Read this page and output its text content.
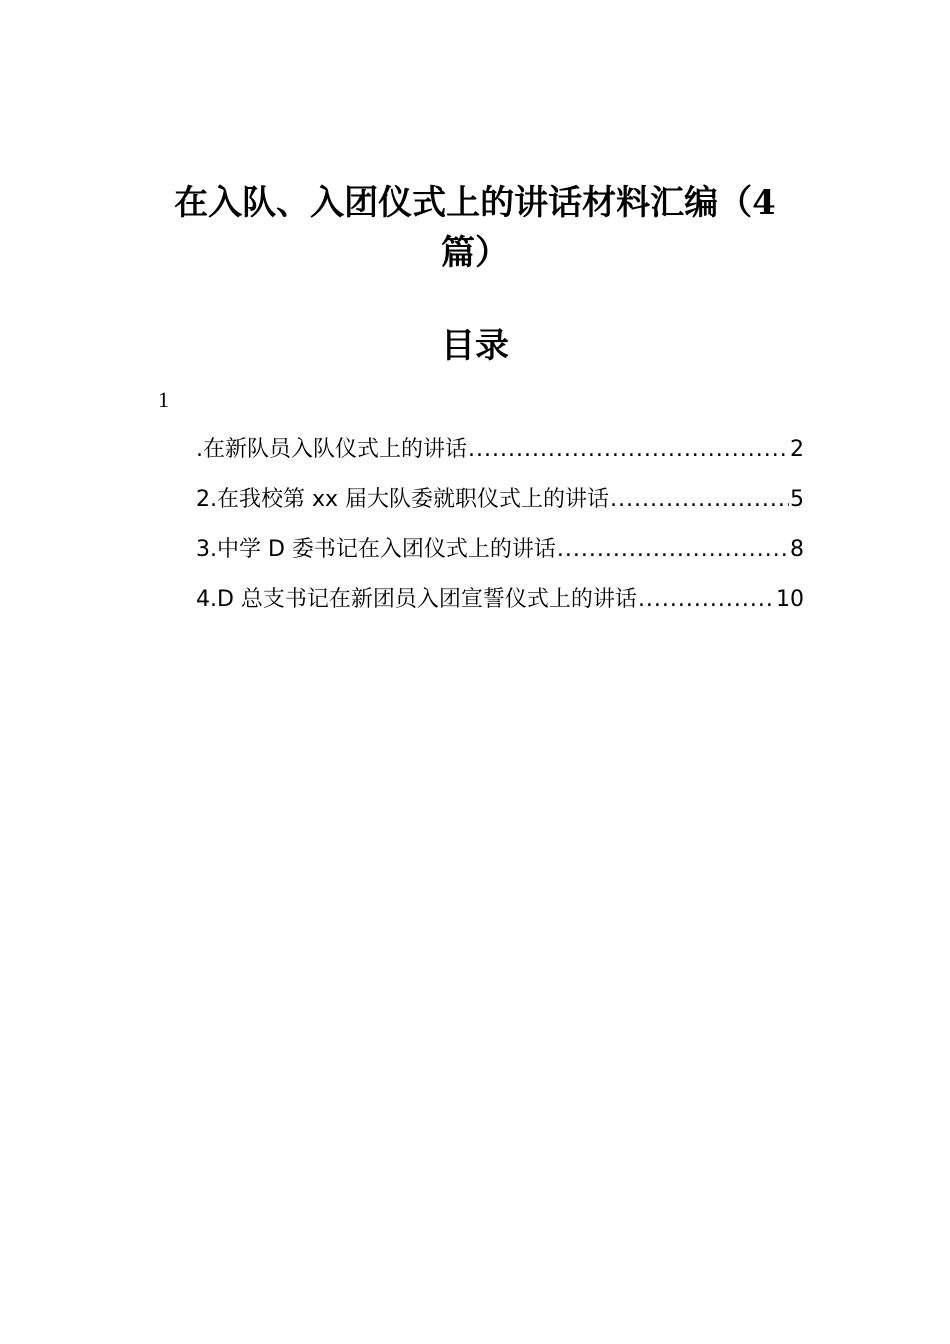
在入队、入团仪式上的讲话材料汇编（4
篇）
目录
1
.在新队员入队仪式上的讲话 .....	2
2.在我校第 xx 届大队委就职仪式上的讲话 .....	5
3.中学 D 委书记在入团仪式上的讲话 .....	8
4.D 总支书记在新团员入团宣誓仪式上的讲话 .....	10
